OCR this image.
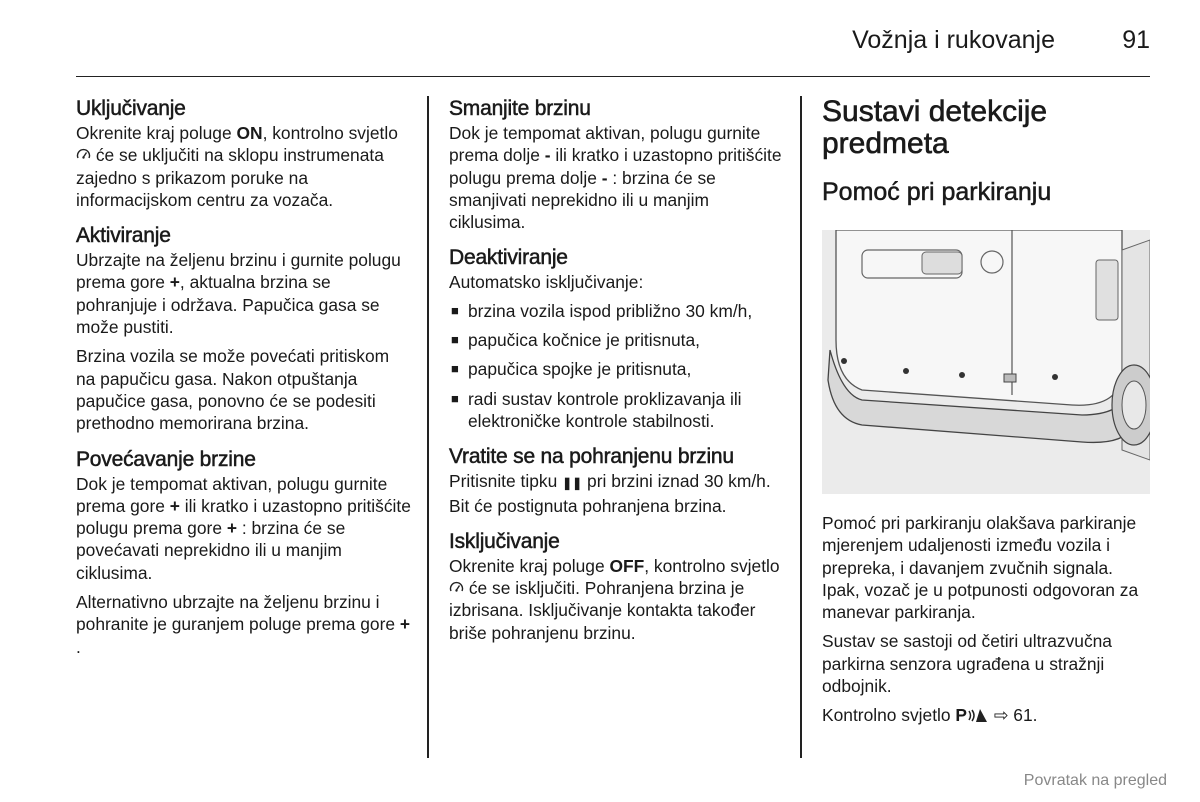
Vožnja i rukovanje	91
Uključivanje

Okrenite kraj poluge ON, kontrolno svjetlo  će se uključiti na sklopu instrumenata zajedno s prikazom poruke na informacijskom centru za vozača.

Aktiviranje

Ubrzajte na željenu brzinu i gurnite polugu prema gore +, aktualna brzina se pohranjuje i održava. Papučica gasa se može pustiti.

Brzina vozila se može povećati pritiskom na papučicu gasa. Nakon otpuštanja papučice gasa, ponovno će se podesiti prethodno memorirana brzina.

Povećavanje brzine

Dok je tempomat aktivan, polugu gurnite prema gore + ili kratko i uzastopno pritišćite polugu prema gore + : brzina će se povećavati neprekidno ili u manjim ciklusima.

Alternativno ubrzajte na željenu brzinu i pohranite je guranjem poluge prema gore + .

Smanjite brzinu

Dok je tempomat aktivan, polugu gurnite prema dolje - ili kratko i uzastopno pritišćite polugu prema dolje - : brzina će se smanjivati neprekidno ili u manjim ciklusima.

Deaktiviranje

Automatsko isključivanje:

■ brzina vozila ispod približno 30 km/h,
■ papučica kočnice je pritisnuta,
■ papučica spojke je pritisnuta,
■ radi sustav kontrole proklizavanja ili elektroničke kontrole stabilnosti.
Vratite se na pohranjenu brzinu

Pritisnite tipku ❚❚ pri brzini iznad 30 km/h. Bit će postignuta pohranjena brzina.

Isključivanje

Okrenite kraj poluge OFF, kontrolno svjetlo  će se isključiti. Pohranjena brzina je izbrisana. Isključivanje kontakta također briše pohranjenu brzinu.

Sustavi detekcije predmeta
Pomoć pri parkiranju

Pomoć pri parkiranju olakšava parkiranje mjerenjem udaljenosti između vozila i prepreka, i davanjem zvučnih signala. Ipak, vozač je u potpunosti odgovoran za manevar parkiranja.

Sustav se sastoji od četiri ultrazvučna parkirna senzora ugrađena u stražnji odbojnik.

Kontrolno svjetlo P ⇨ 61.

Povratak na pregled
